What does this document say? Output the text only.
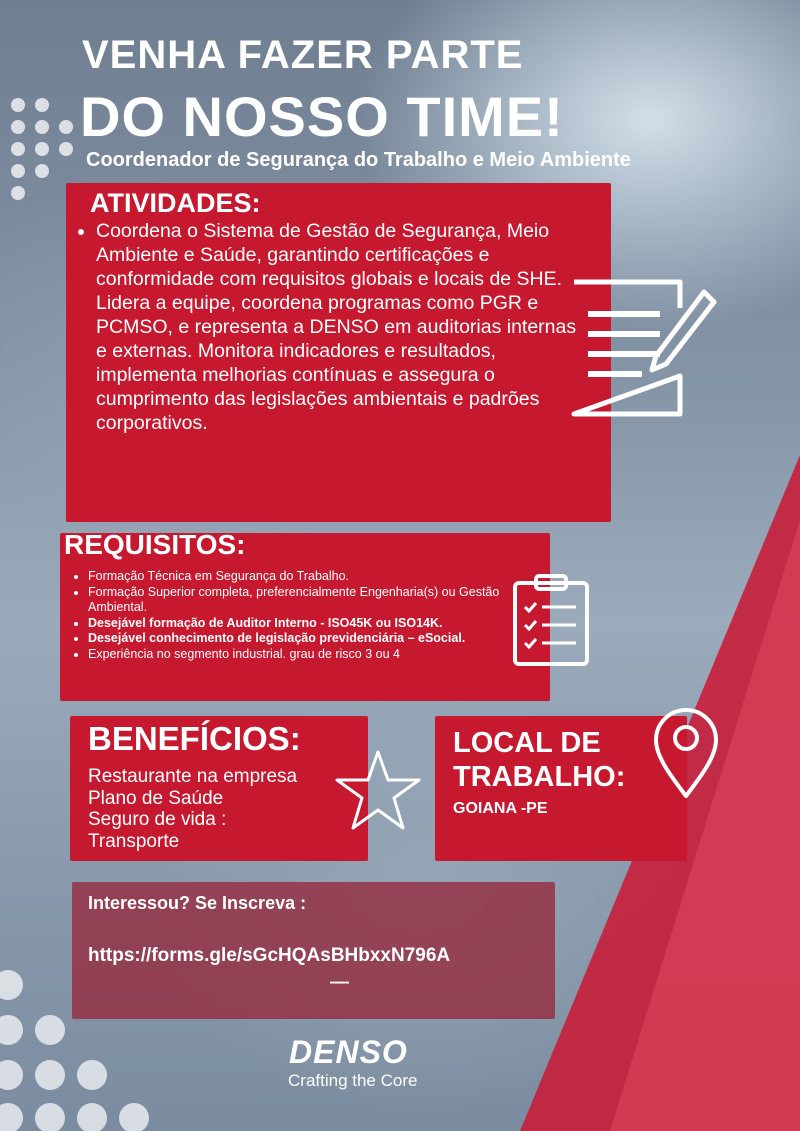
VENHA FAZER PARTE
DO NOSSO TIME!
Coordenador de Segurança do Trabalho e Meio Ambiente
ATIVIDADES:
• Coordena o Sistema de Gestão de Segurança, Meio Ambiente e Saúde, garantindo certificações e conformidade com requisitos globais e locais de SHE. Lidera a equipe, coordena programas como PGR e PCMSO, e representa a DENSO em auditorias internas e externas. Monitora indicadores e resultados, implementa melhorias contínuas e assegura o cumprimento das legislações ambientais e padrões corporativos.
REQUISITOS:
• Formação Técnica em Segurança do Trabalho.
• Formação Superior completa, preferencialmente Engenharia(s) ou Gestão Ambiental.
• Desejável formação de Auditor Interno - ISO45K ou ISO14K.
• Desejável conhecimento de legislação previdenciária – eSocial.
• Experiência no segmento industrial. grau de risco 3 ou 4
BENEFÍCIOS:
Restaurante na empresa
Plano de Saúde
Seguro de vida :
Transporte
LOCAL DE
TRABALHO:
GOIANA -PE
Interessou? Se Inscreva :
https://forms.gle/sGcHQAsBHbxxN796A
—
DENSO
Crafting the Core
